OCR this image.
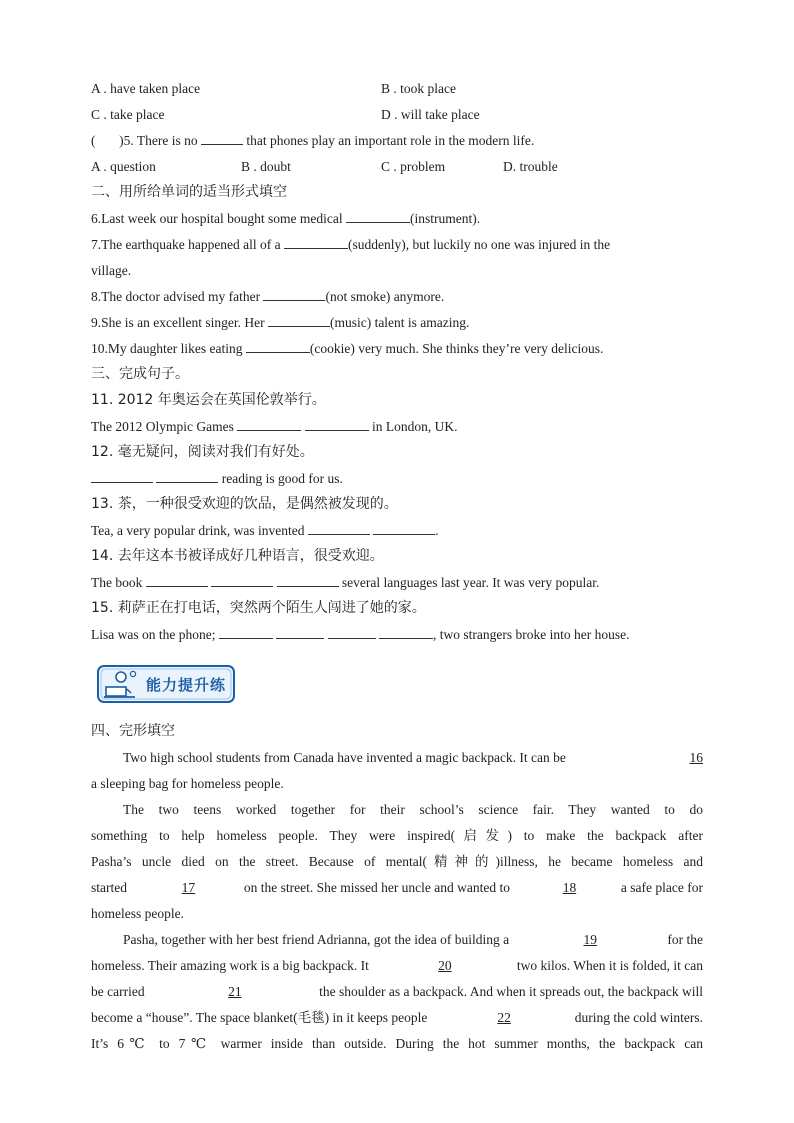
A . have taken place	B . took place
C . take place	D . will take place
(       )5. There is no	that phones play an important role in the modern life.
A . question	B . doubt	C . problem	D. trouble
二、用所给单词的适当形式填空
6.Last week our hospital bought some medical	(instrument).
7.The earthquake happened all of a	(suddenly), but luckily no one was injured in the
village.
8.The doctor advised my father	(not smoke) anymore.
9.She is an excellent singer. Her	(music) talent is amazing.
10.My daughter likes eating	(cookie) very much. She thinks they’re very delicious.
三、完成句子。
11. 2012 年奥运会在英国伦敦举行。
The 2012 Olympic Games	in London, UK.
12. 毫无疑问，阅读对我们有好处。
reading is good for us.
13. 茶，一种很受欢迎的饮品，是偶然被发现的。
Tea, a very popular drink, was invented	.
14. 去年这本书被译成好几种语言，很受欢迎。
The book	several languages last year. It was very popular.
15. 莉萨正在打电话，突然两个陌生人闯进了她的家。
Lisa was on the phone;	, two strangers broke into her house.
能力提升练
四、完形填空
Two high school students from Canada have invented a magic backpack. It can be	16
a sleeping bag for homeless people.
The two teens worked together for their school’s science fair. They wanted to do
something to help homeless people. They were inspired(启发) to make the backpack after
Pasha’s uncle died on the street. Because of mental(精神的)illness, he became homeless and
started	17	on the street. She missed her uncle and wanted to	18	a safe place for
homeless people.
Pasha, together with her best friend Adrianna, got the idea of building a	19	for the
homeless. Their amazing work is a big backpack. It	20	two kilos. When it is folded, it can
be carried	21	the shoulder as a backpack. And when it spreads out, the backpack will
become a “house”. The space blanket(毛毯) in it keeps people	22	during the cold winters.
It’s 6℃ to 7℃ warmer inside than outside. During the hot summer months, the backpack can
